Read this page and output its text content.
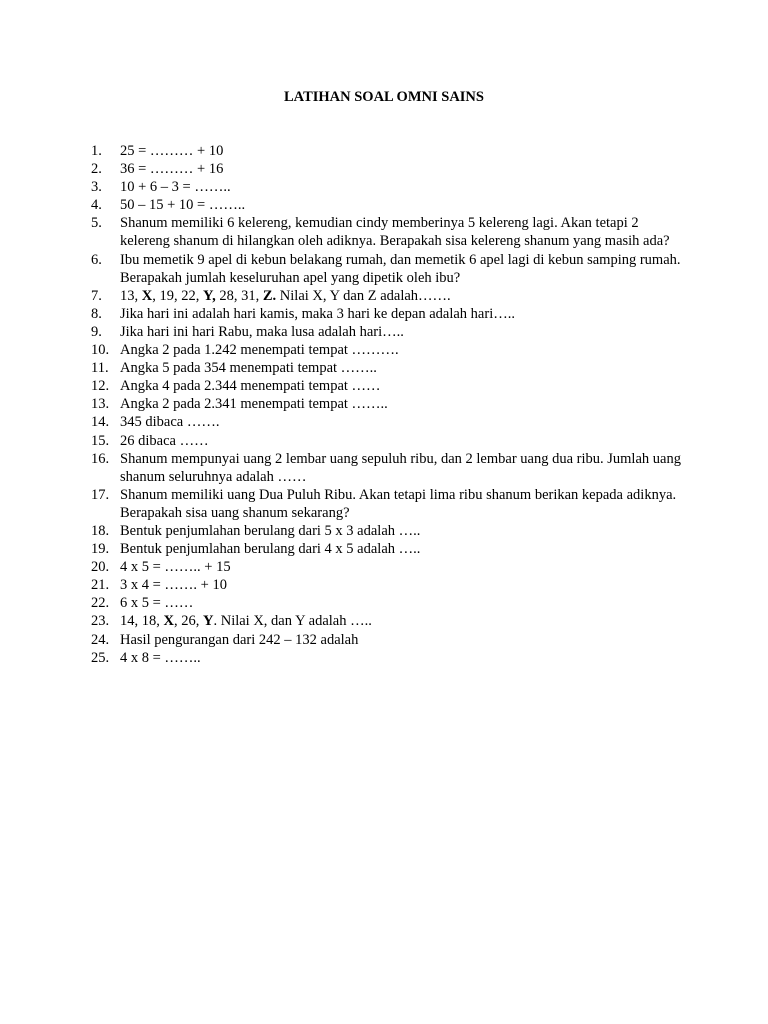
LATIHAN SOAL OMNI SAINS
1.	25 = ……… + 10
2.	36 = ……… + 16
3.	10 + 6 – 3 = ……..
4.	50 – 15 + 10 = ……..
5.	Shanum memiliki 6 kelereng, kemudian cindy memberinya 5 kelereng lagi. Akan tetapi 2 kelereng shanum di hilangkan oleh adiknya. Berapakah sisa kelereng shanum yang masih ada?
6.	Ibu memetik 9 apel di kebun belakang rumah, dan memetik 6 apel lagi di kebun samping rumah. Berapakah jumlah keseluruhan apel yang dipetik oleh ibu?
7.	13, X, 19, 22, Y, 28, 31, Z. Nilai X, Y dan Z adalah…….
8.	Jika hari ini adalah hari kamis, maka 3 hari ke depan adalah hari…..
9.	Jika hari ini hari Rabu, maka lusa adalah hari…..
10. Angka 2 pada 1.242 menempati tempat ……….
11. Angka 5 pada 354 menempati tempat ……..
12. Angka 4 pada 2.344 menempati tempat ……
13. Angka 2 pada 2.341 menempati tempat ……..
14. 345 dibaca …….
15. 26 dibaca ……
16. Shanum mempunyai uang 2 lembar uang sepuluh ribu, dan 2 lembar uang dua ribu. Jumlah uang shanum seluruhnya adalah ……
17. Shanum memiliki uang Dua Puluh Ribu. Akan tetapi lima ribu shanum berikan kepada adiknya. Berapakah sisa uang shanum sekarang?
18. Bentuk penjumlahan berulang dari 5 x 3 adalah …..
19. Bentuk penjumlahan berulang dari 4 x 5 adalah …..
20. 4 x 5 = …….. + 15
21. 3 x 4 = ……. + 10
22. 6 x 5 = ……
23. 14, 18, X, 26, Y. Nilai X, dan Y adalah …..
24. Hasil pengurangan dari 242 – 132 adalah
25. 4 x 8 = ……..
